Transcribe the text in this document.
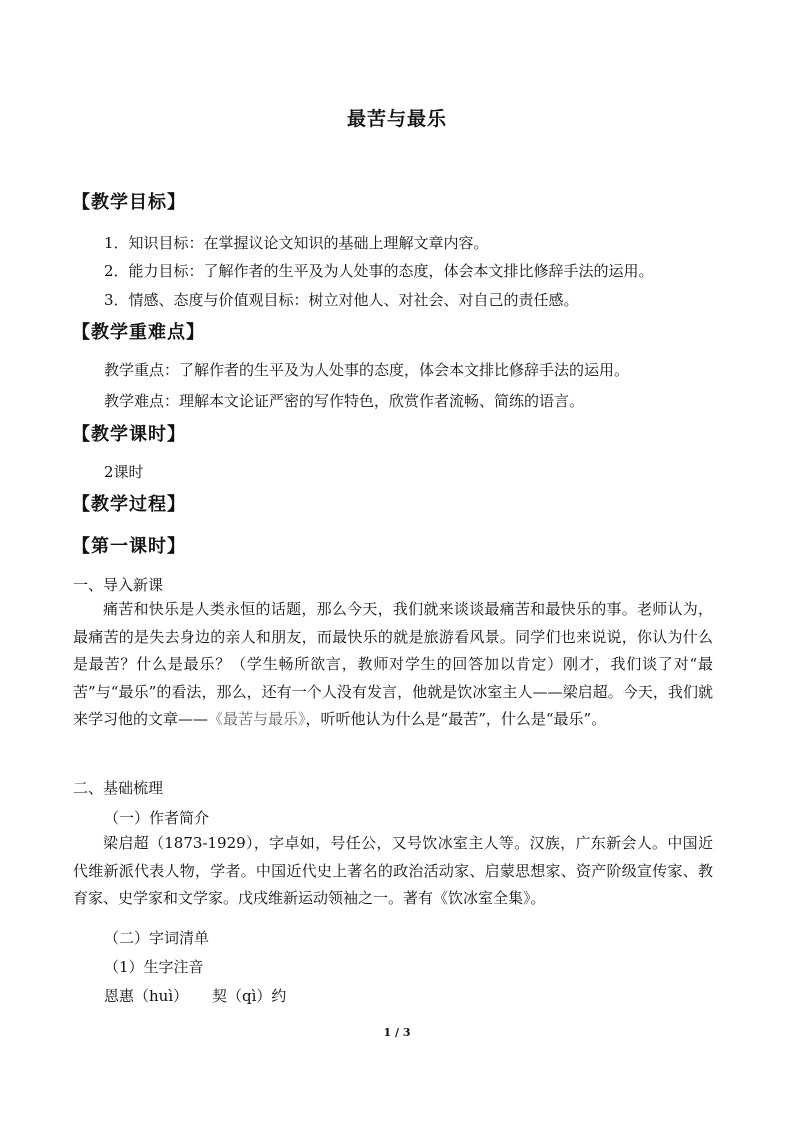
最苦与最乐
【教学目标】
1．知识目标：在掌握议论文知识的基础上理解文章内容。
2．能力目标：了解作者的生平及为人处事的态度，体会本文排比修辞手法的运用。
3．情感、态度与价值观目标：树立对他人、对社会、对自己的责任感。
【教学重难点】
教学重点：了解作者的生平及为人处事的态度，体会本文排比修辞手法的运用。
教学难点：理解本文论证严密的写作特色，欣赏作者流畅、简练的语言。
【教学课时】
2课时
【教学过程】
【第一课时】
一、导入新课
痛苦和快乐是人类永恒的话题，那么今天，我们就来谈谈最痛苦和最快乐的事。老师认为，最痛苦的是失去身边的亲人和朋友，而最快乐的就是旅游看风景。同学们也来说说，你认为什么是最苦？什么是最乐？（学生畅所欲言，教师对学生的回答加以肯定）刚才，我们谈了对“最苦”与“最乐”的看法，那么，还有一个人没有发言，他就是饮冰室主人——梁启超。今天，我们就来学习他的文章——《最苦与最乐》，听听他认为什么是“最苦”，什么是“最乐”。
二、基础梳理
（一）作者简介
梁启超（1873-1929），字卓如，号任公，又号饮冰室主人等。汉族，广东新会人。中国近代维新派代表人物，学者。中国近代史上著名的政治活动家、启蒙思想家、资产阶级宣传家、教育家、史学家和文学家。戊戌维新运动领袖之一。著有《饮冰室全集》。
（二）字词清单
（1）生字注音
恩惠（huì） 契（qì）约
1 / 3
